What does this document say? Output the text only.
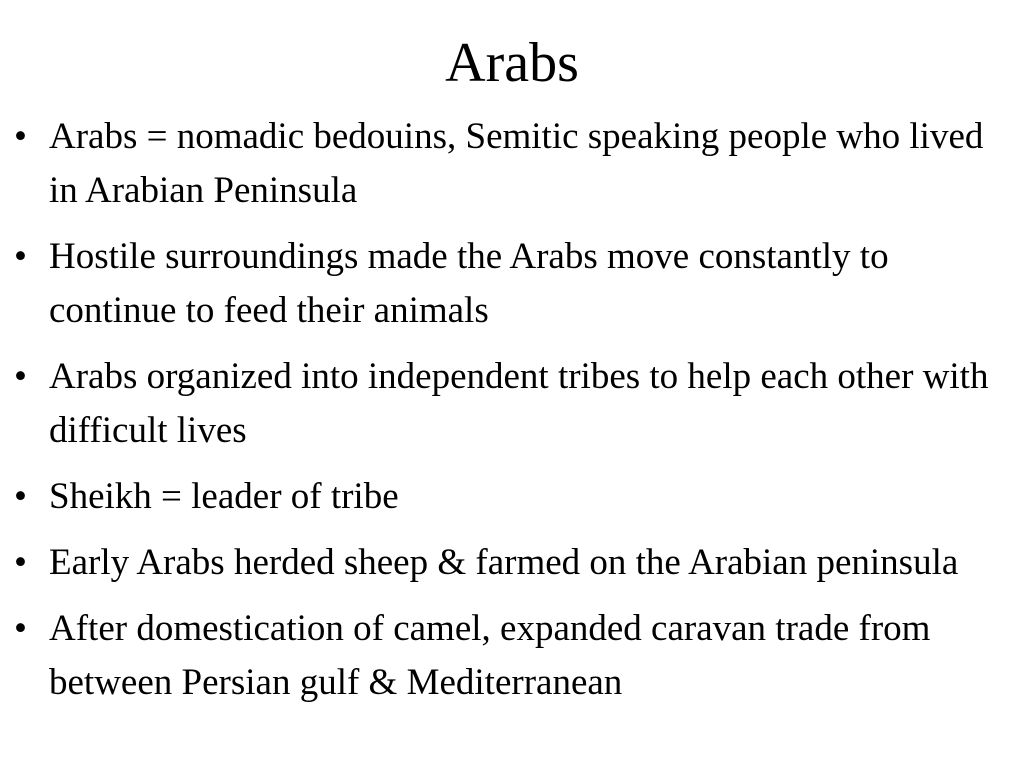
Arabs
• Arabs = nomadic bedouins, Semitic speaking people who lived in Arabian Peninsula
• Hostile surroundings made the Arabs move constantly to continue to feed their animals
• Arabs organized into independent tribes to help each other with difficult lives
• Sheikh = leader of tribe
• Early Arabs herded sheep & farmed on the Arabian peninsula
• After domestication of camel, expanded caravan trade from between Persian gulf & Mediterranean
